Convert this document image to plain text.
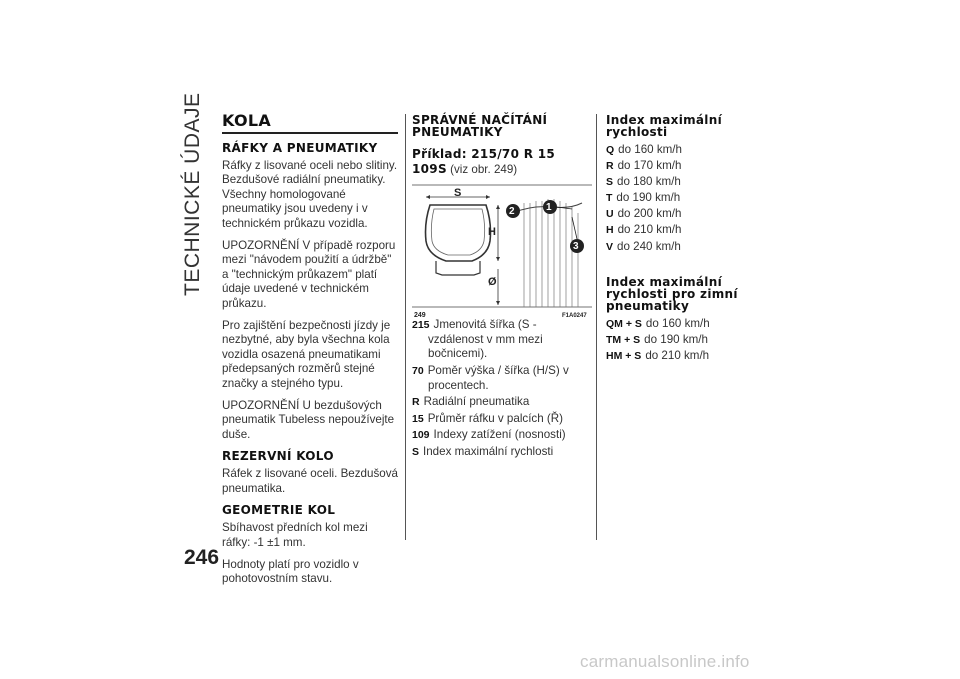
TECHNICKÉ ÚDAJE
246
KOLA
RÁFKY A PNEUMATIKY

Ráfky z lisované oceli nebo slitiny. Bezdušové radiální pneumatiky. Všechny homologované pneumatiky jsou uvedeny i v technickém průkazu vozidla.

UPOZORNĚNÍ V případě rozporu mezi "návodem použití a údržbě" a "technickým průkazem" platí údaje uvedené v technickém průkazu.

Pro zajištění bezpečnosti jízdy je nezbytné, aby byla všechna kola vozidla osazená pneumatikami předepsaných rozměrů stejné značky a stejného typu.

UPOZORNĚNÍ U bezdušových pneumatik Tubeless nepoužívejte duše.

REZERVNÍ KOLO

Ráfek z lisované oceli. Bezdušová pneumatika.

GEOMETRIE KOL

Sbíhavost předních kol mezi ráfky: -1 ±1 mm.

Hodnoty platí pro vozidlo v pohotovostním stavu.

SPRÁVNÉ NAČÍTÁNÍ PNEUMATIKY
Příklad: 215/70 R 15 109S (viz obr. 249)
S
H
Ø
2	1
3
249	F1A0247
215 Jmenovitá šířka (S - vzdálenost v mm mezi bočnicemi).
70 Poměr výška / šířka (H/S) v procentech.
R Radiální pneumatika
15 Průměr ráfku v palcích (Ř)
109 Indexy zatížení (nosnosti)
S Index maximální rychlosti
Index maximální rychlosti
Q do 160 km/h
R do 170 km/h
S do 180 km/h
T do 190 km/h
U do 200 km/h
H do 210 km/h
V do 240 km/h
Index maximální rychlosti pro zimní pneumatiky
QM + S do 160 km/h
TM + S do 190 km/h
HM + S do 210 km/h
carmanualsonline.info
